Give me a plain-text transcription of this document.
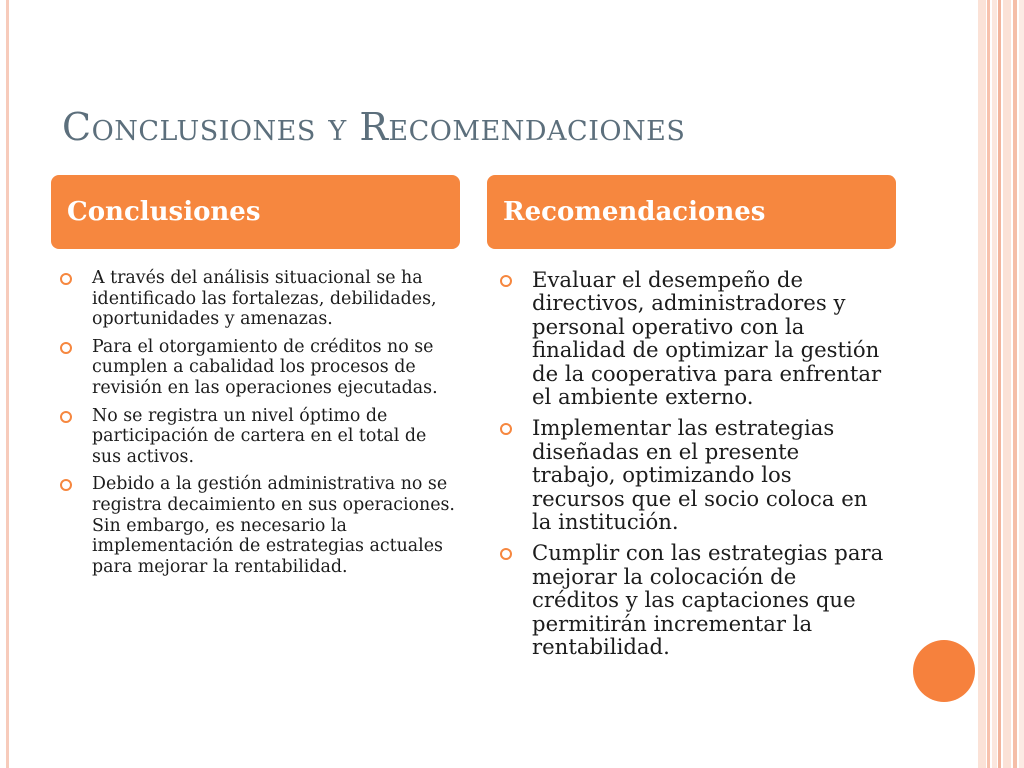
Conclusiones y Recomendaciones
Conclusiones	Recomendaciones
A través del análisis situacional se ha identificado las fortalezas, debilidades, oportunidades y amenazas.
Para el otorgamiento de créditos no se cumplen a cabalidad los procesos de revisión en las operaciones ejecutadas.
No se registra un nivel óptimo de participación de cartera en el total de sus activos.
Debido a la gestión administrativa no se registra decaimiento en sus operaciones. Sin embargo, es necesario la implementación de estrategias actuales para mejorar la rentabilidad.
Evaluar el desempeño de directivos, administradores y personal operativo con la finalidad de optimizar la gestión de la cooperativa para enfrentar el ambiente externo.
Implementar las estrategias diseñadas en el presente trabajo, optimizando los recursos que el socio coloca en la institución.
Cumplir con las estrategias para mejorar la colocación de créditos y las captaciones que permitirán incrementar la rentabilidad.
